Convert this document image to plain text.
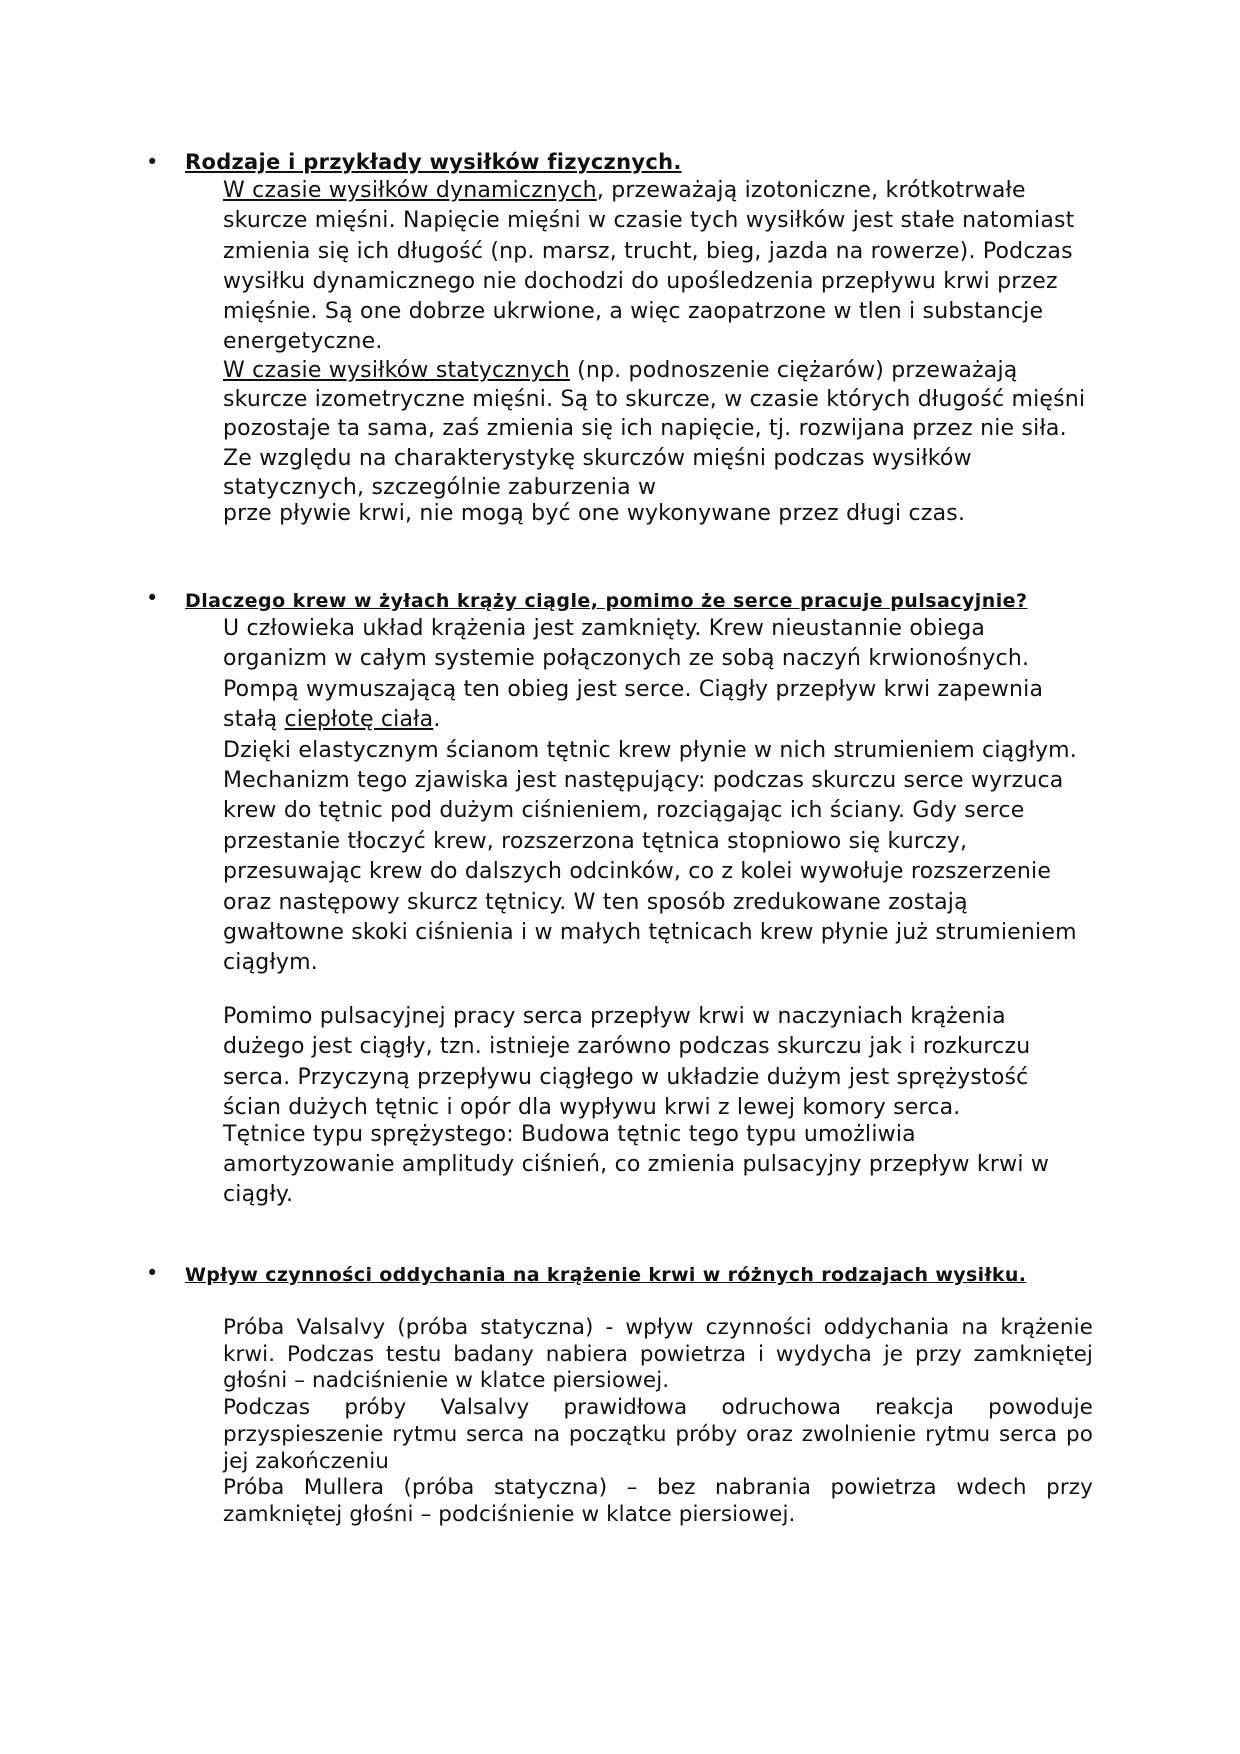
• Rodzaje i przykłady wysiłków fizycznych.

W czasie wysiłków dynamicznych, przeważają izotoniczne, krótkotrwałe skurcze mięśni. Napięcie mięśni w czasie tych wysiłków jest stałe natomiast zmienia się ich długość (np. marsz, trucht, bieg, jazda na rowerze). Podczas wysiłku dynamicznego nie dochodzi do upośledzenia przepływu krwi przez mięśnie. Są one dobrze ukrwione, a więc zaopatrzone w tlen i substancje energetyczne.

W czasie wysiłków statycznych (np. podnoszenie ciężarów) przeważają skurcze izometryczne mięśni. Są to skurcze, w czasie których długość mięśni pozostaje ta sama, zaś zmienia się ich napięcie, tj. rozwijana przez nie siła. Ze względu na charakterystykę skurczów mięśni podczas wysiłków statycznych, szczególnie zaburzenia w

prze pływie krwi, nie mogą być one wykonywane przez długi czas.

• Dlaczego krew w żyłach krąży ciągle, pomimo że serce pracuje pulsacyjnie?

U człowieka układ krążenia jest zamknięty. Krew nieustannie obiega organizm w całym systemie połączonych ze sobą naczyń krwionośnych. Pompą wymuszającą ten obieg jest serce. Ciągły przepływ krwi zapewnia stałą ciepłotę ciała.

Dzięki elastycznym ścianom tętnic krew płynie w nich strumieniem ciągłym. Mechanizm tego zjawiska jest następujący: podczas skurczu serce wyrzuca krew do tętnic pod dużym ciśnieniem, rozciągając ich ściany. Gdy serce przestanie tłoczyć krew, rozszerzona tętnica stopniowo się kurczy, przesuwając krew do dalszych odcinków, co z kolei wywołuje rozszerzenie oraz następowy skurcz tętnicy. W ten sposób zredukowane zostają gwałtowne skoki ciśnienia i w małych tętnicach krew płynie już strumieniem ciągłym.

Pomimo pulsacyjnej pracy serca przepływ krwi w naczyniach krążenia dużego jest ciągły, tzn. istnieje zarówno podczas skurczu jak i rozkurczu serca. Przyczyną przepływu ciągłego w układzie dużym jest sprężystość ścian dużych tętnic i opór dla wypływu krwi z lewej komory serca.

Tętnice typu sprężystego: Budowa tętnic tego typu umożliwia amortyzowanie amplitudy ciśnień, co zmienia pulsacyjny przepływ krwi w ciągły.

• Wpływ czynności oddychania na krążenie krwi w różnych rodzajach wysiłku.

Próba Valsalvy (próba statyczna) - wpływ czynności oddychania na krążenie krwi. Podczas testu badany nabiera powietrza i wydycha je przy zamkniętej głośni – nadciśnienie w klatce piersiowej.

Podczas próby Valsalvy prawidłowa odruchowa reakcja powoduje przyspieszenie rytmu serca na początku próby oraz zwolnienie rytmu serca po jej zakończeniu

Próba Mullera (próba statyczna) – bez nabrania powietrza wdech przy zamkniętej głośni – podciśnienie w klatce piersiowej.
